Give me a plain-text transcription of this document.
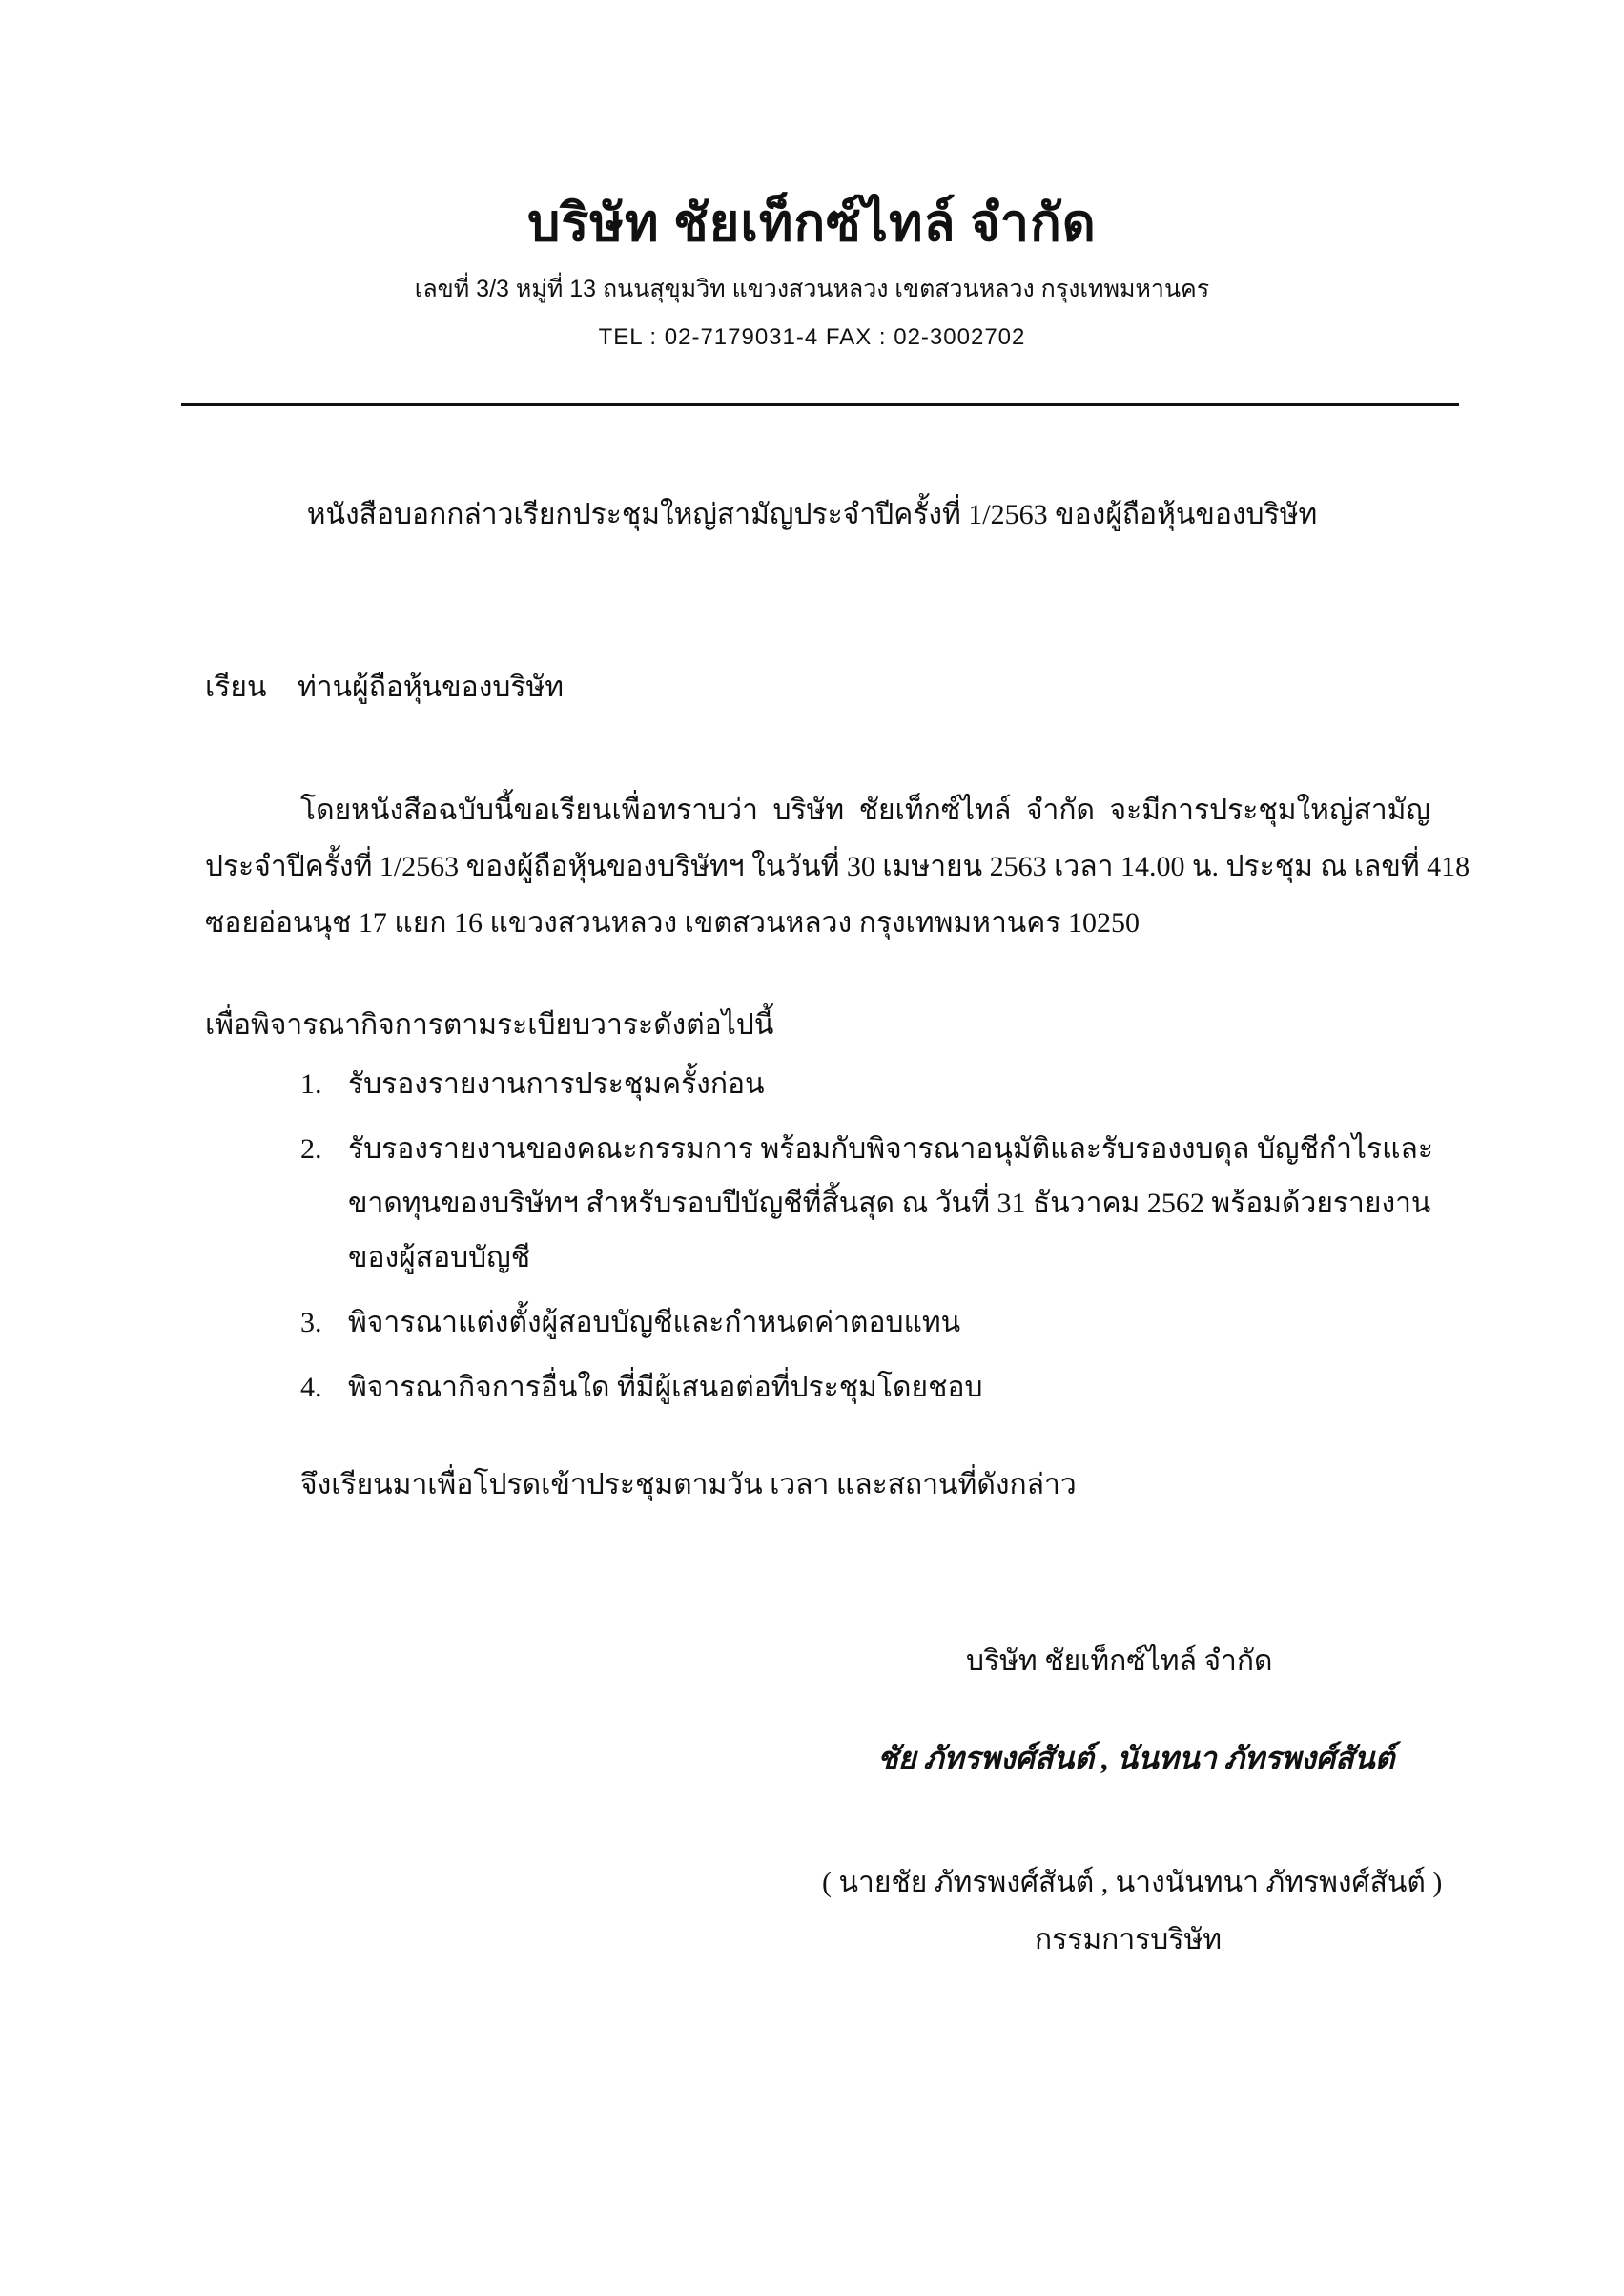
บริษัท ชัยเท็กซ์ไทล์ จำกัด
เลขที่ 3/3 หมู่ที่ 13 ถนนสุขุมวิท แขวงสวนหลวง เขตสวนหลวง กรุงเทพมหานคร
TEL : 02-7179031-4 FAX : 02-3002702
หนังสือบอกกล่าวเรียกประชุมใหญ่สามัญประจำปีครั้งที่ 1/2563 ของผู้ถือหุ้นของบริษัท
เรียน ท่านผู้ถือหุ้นของบริษัท
โดยหนังสือฉบับนี้ขอเรียนเพื่อทราบว่า บริษัท ชัยเท็กซ์ไทล์ จำกัด จะมีการประชุมใหญ่สามัญ
ประจำปีครั้งที่ 1/2563 ของผู้ถือหุ้นของบริษัทฯ ในวันที่ 30 เมษายน 2563 เวลา 14.00 น. ประชุม ณ เลขที่ 418
ซอยอ่อนนุช 17 แยก 16 แขวงสวนหลวง เขตสวนหลวง กรุงเทพมหานคร 10250
เพื่อพิจารณากิจการตามระเบียบวาระดังต่อไปนี้
1. รับรองรายงานการประชุมครั้งก่อน
2. รับรองรายงานของคณะกรรมการ พร้อมกับพิจารณาอนุมัติและรับรองงบดุล บัญชีกำไรและ
ขาดทุนของบริษัทฯ สำหรับรอบปีบัญชีที่สิ้นสุด ณ วันที่ 31 ธันวาคม 2562 พร้อมด้วยรายงาน
ของผู้สอบบัญชี
3. พิจารณาแต่งตั้งผู้สอบบัญชีและกำหนดค่าตอบแทน
4. พิจารณากิจการอื่นใด ที่มีผู้เสนอต่อที่ประชุมโดยชอบ
จึงเรียนมาเพื่อโปรดเข้าประชุมตามวัน เวลา และสถานที่ดังกล่าว
บริษัท ชัยเท็กซ์ไทล์ จำกัด
ชัย ภัทรพงศ์สันต์ , นันทนา ภัทรพงศ์สันต์
( นายชัย ภัทรพงศ์สันต์ , นางนันทนา ภัทรพงศ์สันต์ )
กรรมการบริษัท
